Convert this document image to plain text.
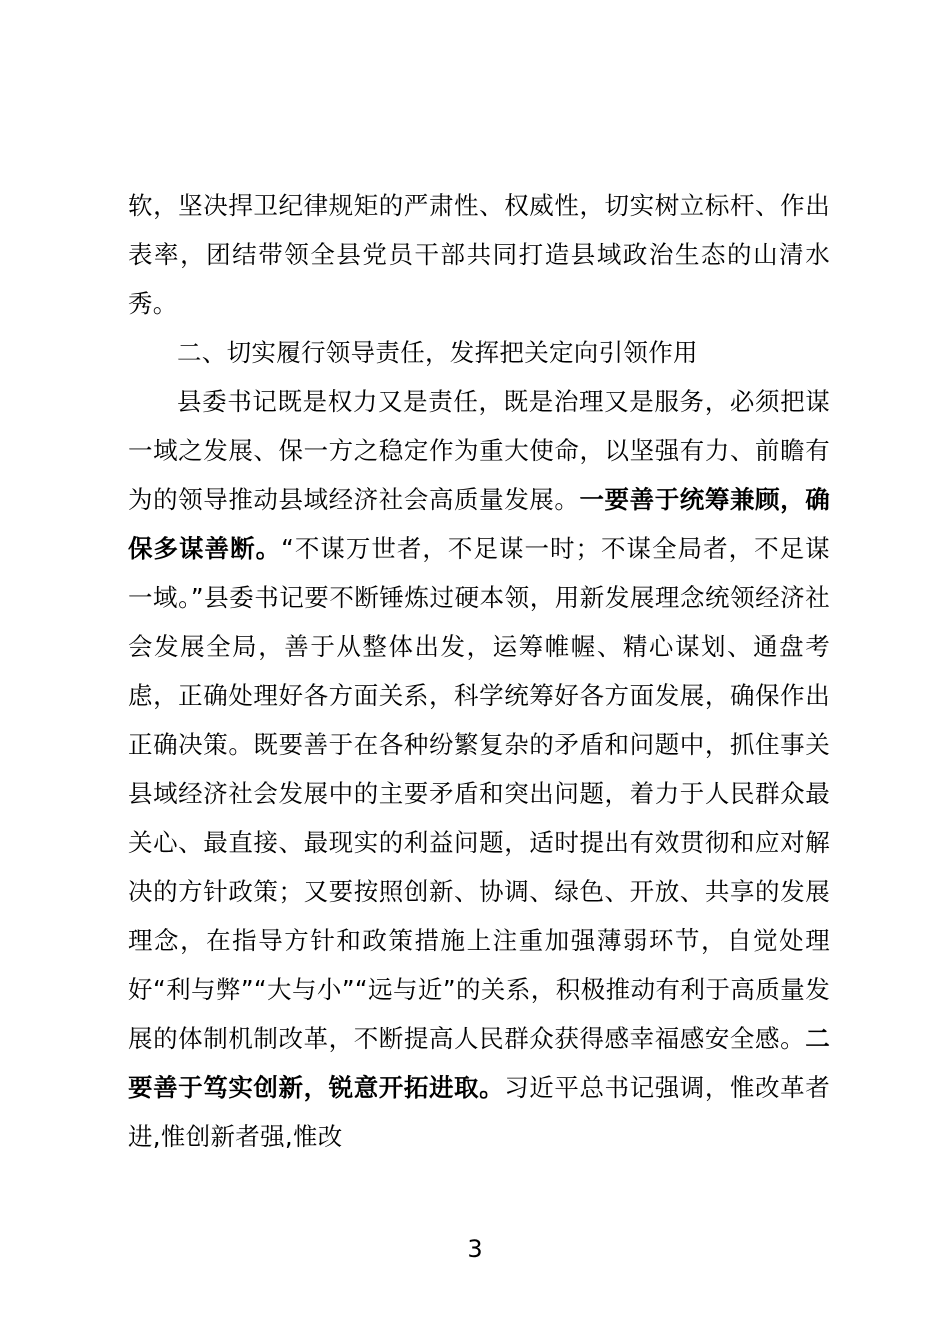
软，坚决捍卫纪律规矩的严肃性、权威性，切实树立标杆、作出表率，团结带领全县党员干部共同打造县域政治生态的山清水秀。

二、切实履行领导责任，发挥把关定向引领作用

县委书记既是权力又是责任，既是治理又是服务，必须把谋一域之发展、保一方之稳定作为重大使命，以坚强有力、前瞻有为的领导推动县域经济社会高质量发展。一要善于统筹兼顾，确保多谋善断。“不谋万世者，不足谋一时；不谋全局者，不足谋一域。”县委书记要不断锤炼过硬本领，用新发展理念统领经济社会发展全局，善于从整体出发，运筹帷幄、精心谋划、通盘考虑，正确处理好各方面关系，科学统筹好各方面发展，确保作出正确决策。既要善于在各种纷繁复杂的矛盾和问题中，抓住事关县域经济社会发展中的主要矛盾和突出问题，着力于人民群众最关心、最直接、最现实的利益问题，适时提出有效贯彻和应对解决的方针政策；又要按照创新、协调、绿色、开放、共享的发展理念，在指导方针和政策措施上注重加强薄弱环节，自觉处理好“利与弊”“大与小”“远与近”的关系，积极推动有利于高质量发展的体制机制改革，不断提高人民群众获得感幸福感安全感。二要善于笃实创新，锐意开拓进取。习近平总书记强调，惟改革者进,惟创新者强,惟改

3
